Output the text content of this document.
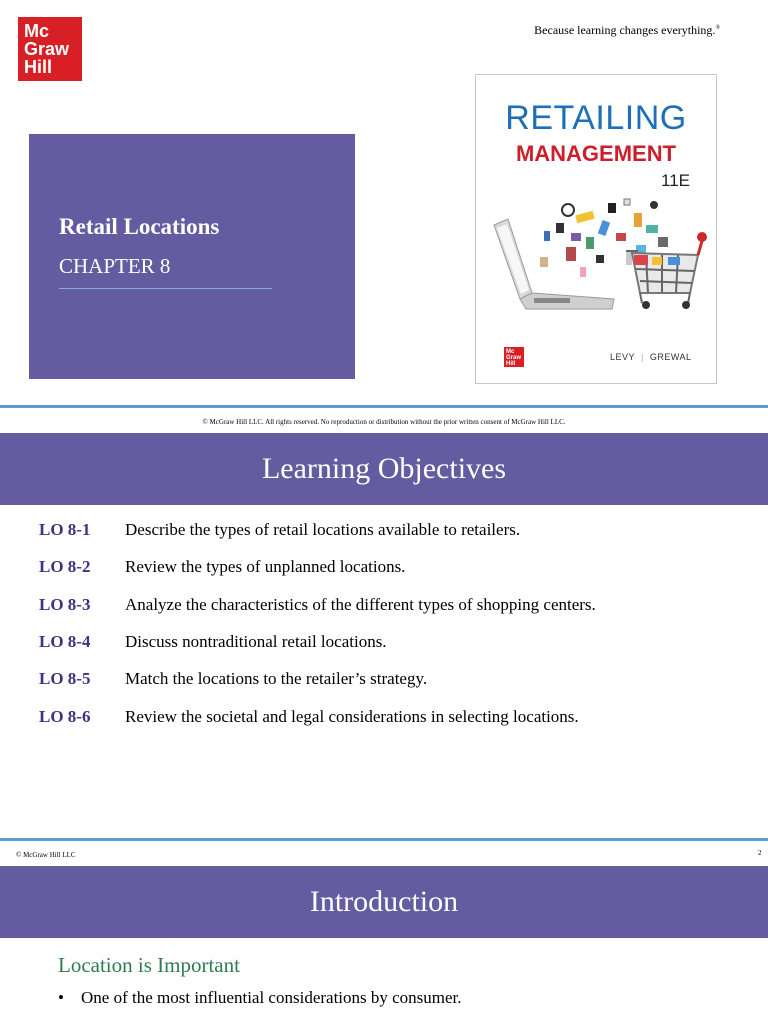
Mc
Graw
Hill
Because learning changes everything.®
Retail Locations
CHAPTER 8
RETAILING
MANAGEMENT
11E
Mc
Graw
Hill
LEVY | GREWAL
© McGraw Hill LLC. All rights reserved. No reproduction or distribution without the prior written consent of McGraw Hill LLC.
Learning Objectives
LO 8-1 Describe the types of retail locations available to retailers.
LO 8-2 Review the types of unplanned locations.
LO 8-3 Analyze the characteristics of the different types of shopping centers.
LO 8-4 Discuss nontraditional retail locations.
LO 8-5 Match the locations to the retailer’s strategy.
LO 8-6 Review the societal and legal considerations in selecting locations.
© McGraw Hill LLC	2
Introduction
Location is Important
• One of the most influential considerations by consumer.
